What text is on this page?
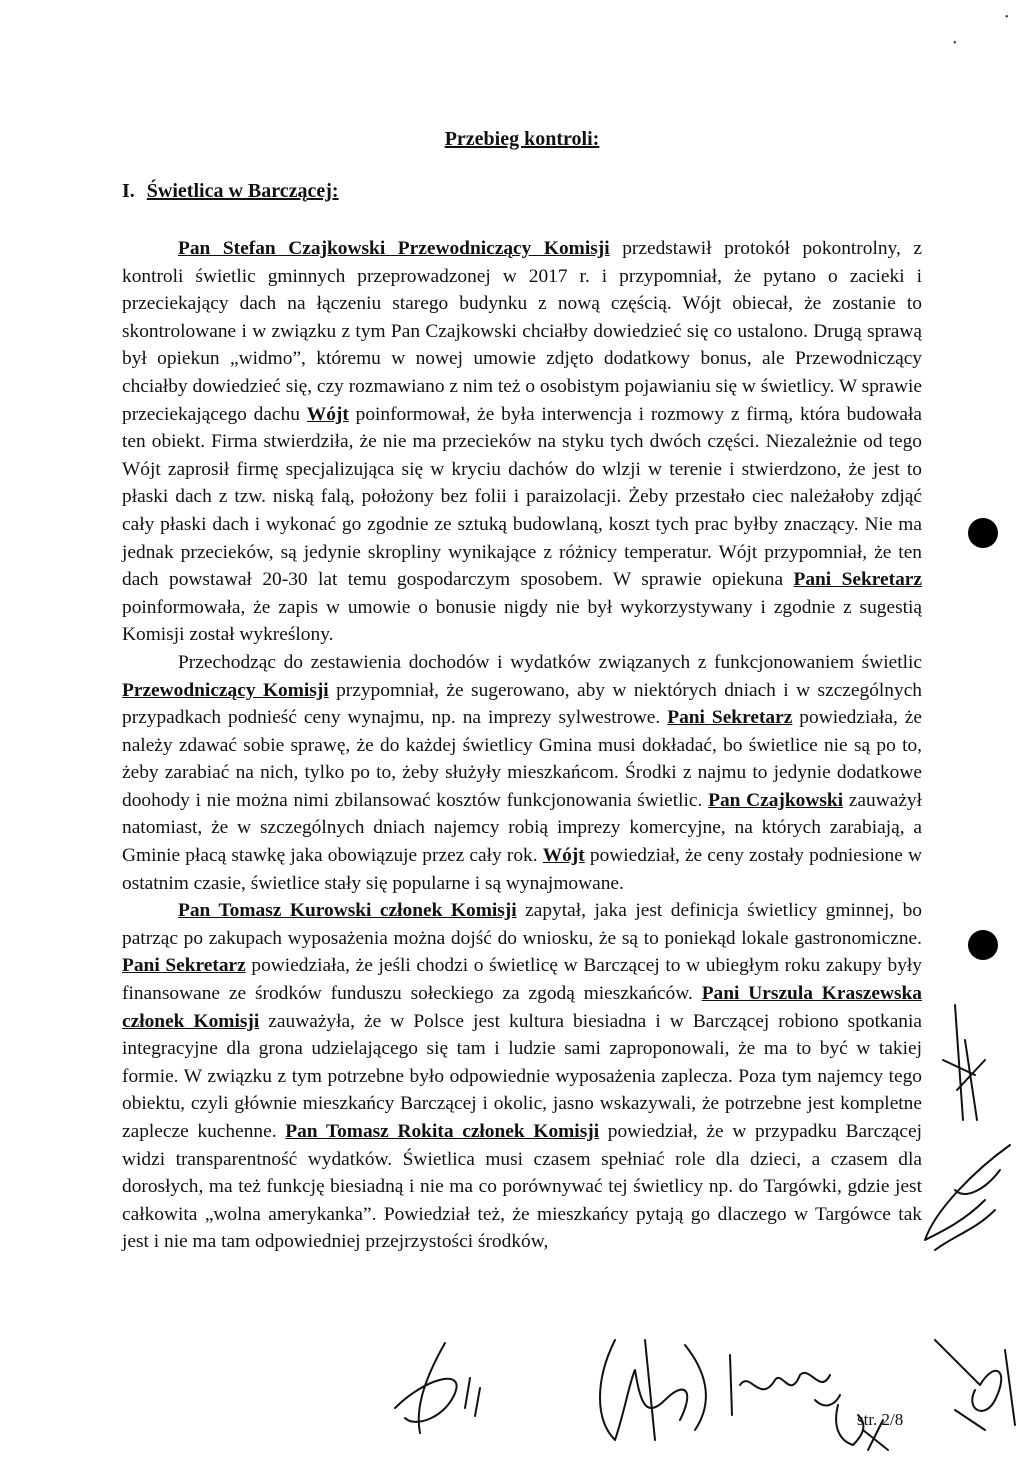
•
•
Przebieg kontroli:
I. Świetlica w Barczącej:

Pan Stefan Czajkowski Przewodniczący Komisji przedstawił protokół pokontrolny, z kontroli świetlic gminnych przeprowadzonej w 2017 r. i przypomniał, że pytano o zacieki i przeciekający dach na łączeniu starego budynku z nową częścią. Wójt obiecał, że zostanie to skontrolowane i w związku z tym Pan Czajkowski chciałby dowiedzieć się co ustalono. Drugą sprawą był opiekun „widmo”, któremu w nowej umowie zdjęto dodatkowy bonus, ale Przewodniczący chciałby dowiedzieć się, czy rozmawiano z nim też o osobistym pojawianiu się w świetlicy. W sprawie przeciekającego dachu Wójt poinformował, że była interwencja i rozmowy z firmą, która budowała ten obiekt. Firma stwierdziła, że nie ma przecieków na styku tych dwóch części. Niezależnie od tego Wójt zaprosił firmę specjalizująca się w kryciu dachów do wlzji w terenie i stwierdzono, że jest to płaski dach z tzw. niską falą, położony bez folii i paraizolacji. Żeby przestało ciec należałoby zdjąć cały płaski dach i wykonać go zgodnie ze sztuką budowlaną, koszt tych prac byłby znaczący. Nie ma jednak przecieków, są jedynie skropliny wynikające z różnicy temperatur. Wójt przypomniał, że ten dach powstawał 20-30 lat temu gospodarczym sposobem. W sprawie opiekuna Pani Sekretarz poinformowała, że zapis w umowie o bonusie nigdy nie był wykorzystywany i zgodnie z sugestią Komisji został wykreślony.

Przechodząc do zestawienia dochodów i wydatków związanych z funkcjonowaniem świetlic Przewodniczący Komisji przypomniał, że sugerowano, aby w niektórych dniach i w szczególnych przypadkach podnieść ceny wynajmu, np. na imprezy sylwestrowe. Pani Sekretarz powiedziała, że należy zdawać sobie sprawę, że do każdej świetlicy Gmina musi dokładać, bo świetlice nie są po to, żeby zarabiać na nich, tylko po to, żeby służyły mieszkańcom. Środki z najmu to jedynie dodatkowe doohody i nie można nimi zbilansować kosztów funkcjonowania świetlic. Pan Czajkowski zauważył natomiast, że w szczególnych dniach najemcy robią imprezy komercyjne, na których zarabiają, a Gminie płacą stawkę jaka obowiązuje przez cały rok. Wójt powiedział, że ceny zostały podniesione w ostatnim czasie, świetlice stały się popularne i są wynajmowane.

Pan Tomasz Kurowski członek Komisji zapytał, jaka jest definicja świetlicy gminnej, bo patrząc po zakupach wyposażenia można dojść do wniosku, że są to poniekąd lokale gastronomiczne. Pani Sekretarz powiedziała, że jeśli chodzi o świetlicę w Barczącej to w ubiegłym roku zakupy były finansowane ze środków funduszu sołeckiego za zgodą mieszkańców. Pani Urszula Kraszewska członek Komisji zauważyła, że w Polsce jest kultura biesiadna i w Barczącej robiono spotkania integracyjne dla grona udzielającego się tam i ludzie sami zaproponowali, że ma to być w takiej formie. W związku z tym potrzebne było odpowiednie wyposażenia zaplecza. Poza tym najemcy tego obiektu, czyli głównie mieszkańcy Barczącej i okolic, jasno wskazywali, że potrzebne jest kompletne zaplecze kuchenne. Pan Tomasz Rokita członek Komisji powiedział, że w przypadku Barczącej widzi transparentność wydatków. Świetlica musi czasem spełniać role dla dzieci, a czasem dla dorosłych, ma też funkcję biesiadną i nie ma co porównywać tej świetlicy np. do Targówki, gdzie jest całkowita „wolna amerykanka”. Powiedział też, że mieszkańcy pytają go dlaczego w Targówce tak jest i nie ma tam odpowiedniej przejrzystości środków,

str. 2/8
